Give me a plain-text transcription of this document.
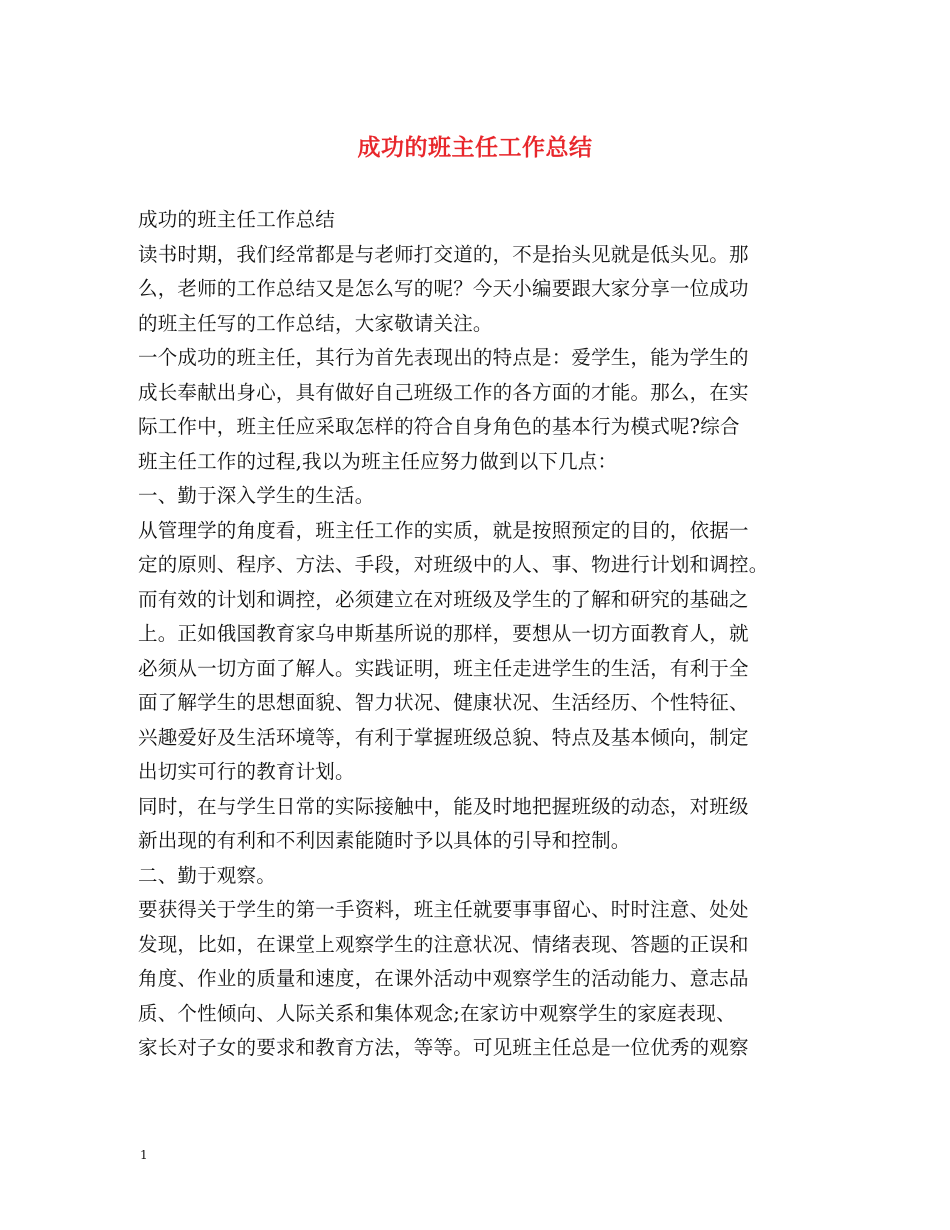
成功的班主任工作总结
成功的班主任工作总结
读书时期，我们经常都是与老师打交道的，不是抬头见就是低头见。那
么，老师的工作总结又是怎么写的呢？今天小编要跟大家分享一位成功
的班主任写的工作总结，大家敬请关注。
一个成功的班主任，其行为首先表现出的特点是：爱学生，能为学生的
成长奉献出身心，具有做好自己班级工作的各方面的才能。那么，在实
际工作中，班主任应采取怎样的符合自身角色的基本行为模式呢?综合
班主任工作的过程,我以为班主任应努力做到以下几点：
一、勤于深入学生的生活。
从管理学的角度看，班主任工作的实质，就是按照预定的目的，依据一
定的原则、程序、方法、手段，对班级中的人、事、物进行计划和调控。
而有效的计划和调控，必须建立在对班级及学生的了解和研究的基础之
上。正如俄国教育家乌申斯基所说的那样，要想从一切方面教育人，就
必须从一切方面了解人。实践证明，班主任走进学生的生活，有利于全
面了解学生的思想面貌、智力状况、健康状况、生活经历、个性特征、
兴趣爱好及生活环境等，有利于掌握班级总貌、特点及基本倾向，制定
出切实可行的教育计划。
同时，在与学生日常的实际接触中，能及时地把握班级的动态，对班级
新出现的有利和不利因素能随时予以具体的引导和控制。
二、勤于观察。
要获得关于学生的第一手资料，班主任就要事事留心、时时注意、处处
发现，比如，在课堂上观察学生的注意状况、情绪表现、答题的正误和
角度、作业的质量和速度，在课外活动中观察学生的活动能力、意志品
质、个性倾向、人际关系和集体观念;在家访中观察学生的家庭表现、
家长对子女的要求和教育方法，等等。可见班主任总是一位优秀的观察
1
